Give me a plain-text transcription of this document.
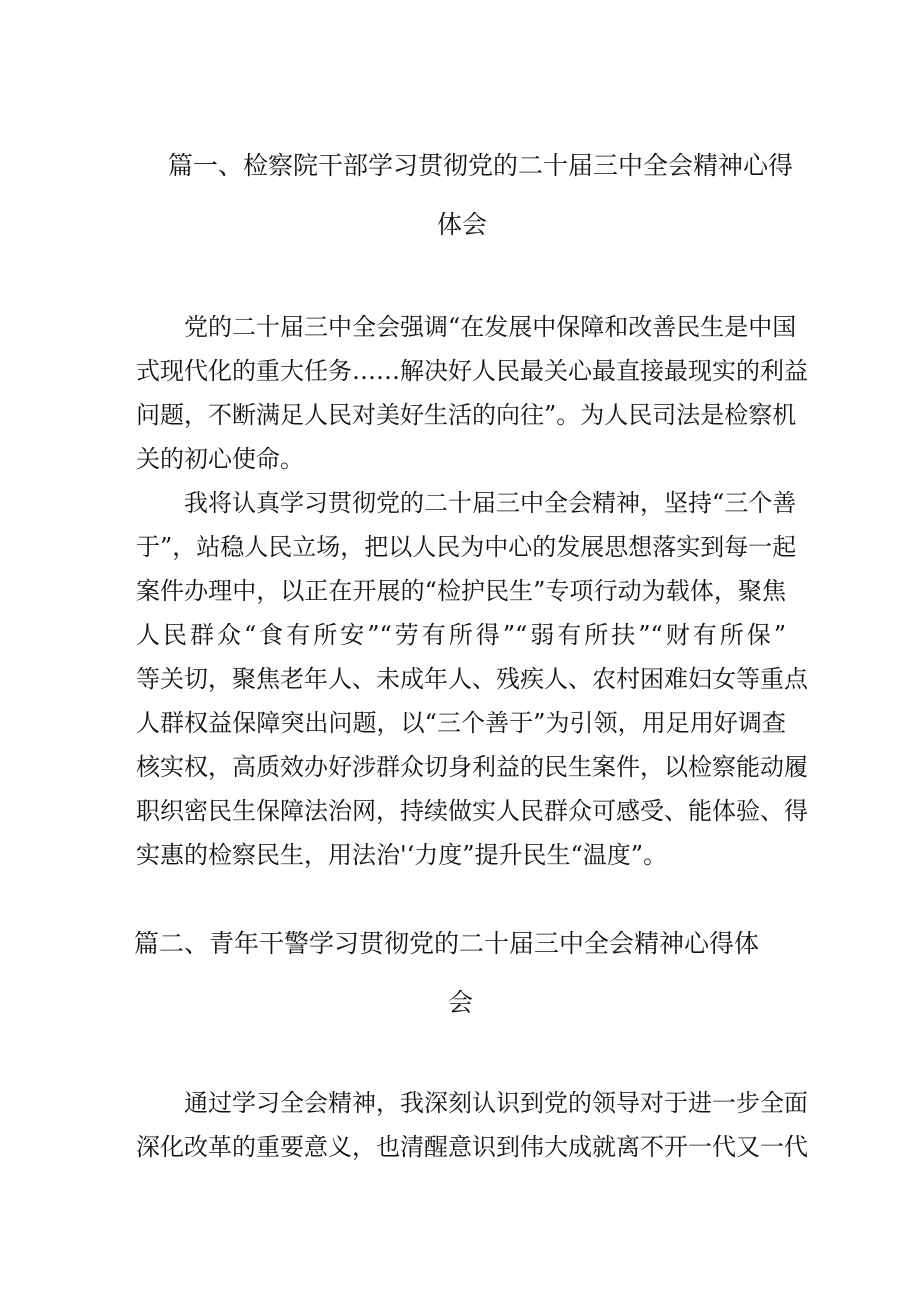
篇一、检察院干部学习贯彻党的二十届三中全会精神心得
体会
党的二十届三中全会强调“在发展中保障和改善民生是中国
式现代化的重大任务……解决好人民最关心最直接最现实的利益
问题，不断满足人民对美好生活的向往”。为人民司法是检察机
关的初心使命。
我将认真学习贯彻党的二十届三中全会精神，坚持“三个善
于”，站稳人民立场，把以人民为中心的发展思想落实到每一起
案件办理中，以正在开展的“检护民生”专项行动为载体，聚焦
人民群众“食有所安”“劳有所得”“弱有所扶”“财有所保”
等关切，聚焦老年人、未成年人、残疾人、农村困难妇女等重点
人群权益保障突出问题，以“三个善于”为引领，用足用好调查
核实权，高质效办好涉群众切身利益的民生案件，以检察能动履
职织密民生保障法治网，持续做实人民群众可感受、能体验、得
实惠的检察民生，用法治'‘力度”提升民生“温度”。
篇二、青年干警学习贯彻党的二十届三中全会精神心得体
会
通过学习全会精神，我深刻认识到党的领导对于进一步全面
深化改革的重要意义，也清醒意识到伟大成就离不开一代又一代
